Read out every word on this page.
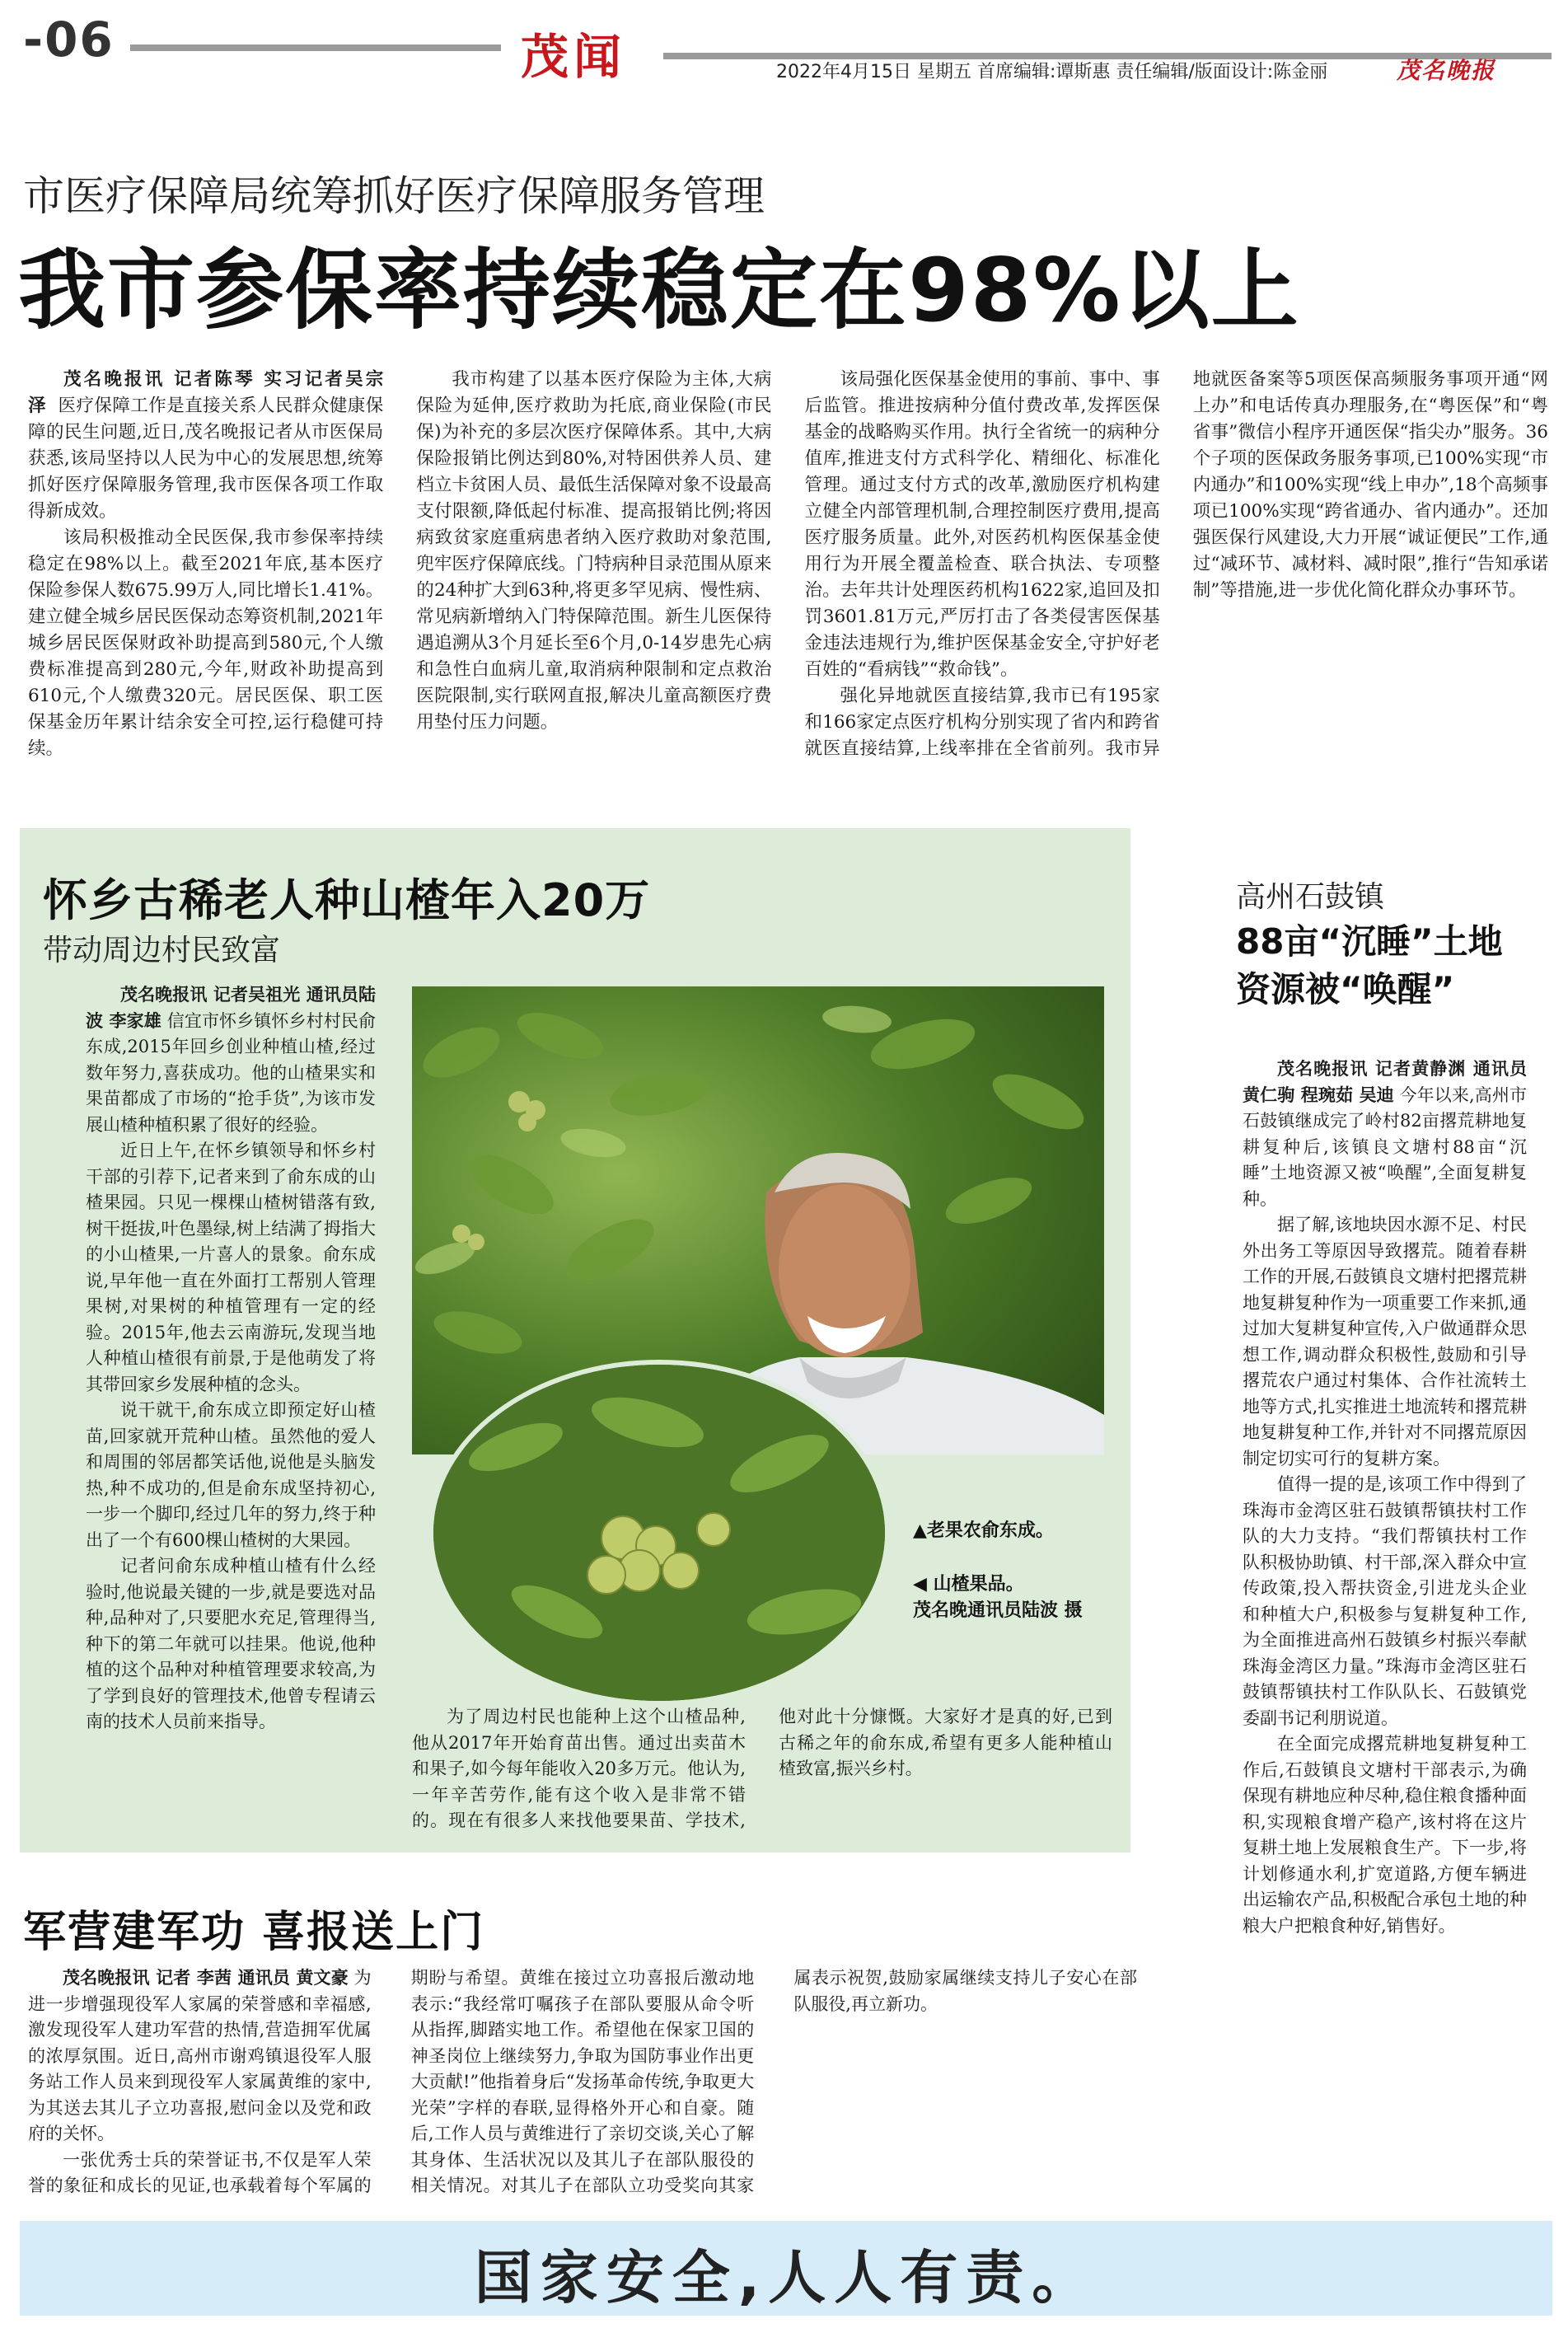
-06	茂闻	2022年4月15日 星期五 首席编辑:谭斯惠 责任编辑/版面设计:陈金丽	茂名晚报
市医疗保障局统筹抓好医疗保障服务管理
我市参保率持续稳定在98%以上
茂名晚报讯 记者陈琴 实习记者吴宗泽 医疗保障工作是直接关系人民群众健康保障的民生问题,近日,茂名晚报记者从市医保局获悉,该局坚持以人民为中心的发展思想,统筹抓好医疗保障服务管理,我市医保各项工作取得新成效。

该局积极推动全民医保,我市参保率持续稳定在98%以上。截至2021年底,基本医疗保险参保人数675.99万人,同比增长1.41%。建立健全城乡居民医保动态筹资机制,2021年城乡居民医保财政补助提高到580元,个人缴费标准提高到280元,今年,财政补助提高到610元,个人缴费320元。居民医保、职工医保基金历年累计结余安全可控,运行稳健可持续。

我市构建了以基本医疗保险为主体,大病保险为延伸,医疗救助为托底,商业保险(市民保)为补充的多层次医疗保障体系。其中,大病保险报销比例达到80%,对特困供养人员、建档立卡贫困人员、最低生活保障对象不设最高支付限额,降低起付标准、提高报销比例;将因病致贫家庭重病患者纳入医疗救助对象范围,兜牢医疗保障底线。门特病种目录范围从原来的24种扩大到63种,将更多罕见病、慢性病、常见病新增纳入门特保障范围。新生儿医保待遇追溯从3个月延长至6个月,0-14岁患先心病和急性白血病儿童,取消病种限制和定点救治医院限制,实行联网直报,解决儿童高额医疗费用垫付压力问题。

该局强化医保基金使用的事前、事中、事后监管。推进按病种分值付费改革,发挥医保基金的战略购买作用。执行全省统一的病种分值库,推进支付方式科学化、精细化、标准化管理。通过支付方式的改革,激励医疗机构建立健全内部管理机制,合理控制医疗费用,提高医疗服务质量。此外,对医药机构医保基金使用行为开展全覆盖检查、联合执法、专项整治。去年共计处理医药机构1622家,追回及扣罚3601.81万元,严厉打击了各类侵害医保基金违法违规行为,维护医保基金安全,守护好老百姓的“看病钱”“救命钱”。

强化异地就医直接结算,我市已有195家和166家定点医疗机构分别实现了省内和跨省就医直接结算,上线率排在全省前列。我市异地就医备案等5项医保高频服务事项开通“网上办”和电话传真办理服务,在“粤医保”和“粤省事”微信小程序开通医保“指尖办”服务。36个子项的医保政务服务事项,已100%实现“市内通办”和100%实现“线上申办”,18个高频事项已100%实现“跨省通办、省内通办”。还加强医保行风建设,大力开展“诚证便民”工作,通过“减环节、减材料、减时限”,推行“告知承诺制”等措施,进一步优化简化群众办事环节。

怀乡古稀老人种山楂年入20万
带动周边村民致富
茂名晚报讯 记者吴祖光 通讯员陆波 李家雄 信宜市怀乡镇怀乡村村民俞东成,2015年回乡创业种植山楂,经过数年努力,喜获成功。他的山楂果实和果苗都成了市场的“抢手货”,为该市发展山楂种植积累了很好的经验。

近日上午,在怀乡镇领导和怀乡村干部的引荐下,记者来到了俞东成的山楂果园。只见一棵棵山楂树错落有致,树干挺拔,叶色墨绿,树上结满了拇指大的小山楂果,一片喜人的景象。俞东成说,早年他一直在外面打工帮别人管理果树,对果树的种植管理有一定的经验。2015年,他去云南游玩,发现当地人种植山楂很有前景,于是他萌发了将其带回家乡发展种植的念头。

说干就干,俞东成立即预定好山楂苗,回家就开荒种山楂。虽然他的爱人和周围的邻居都笑话他,说他是头脑发热,种不成功的,但是俞东成坚持初心,一步一个脚印,经过几年的努力,终于种出了一个有600棵山楂树的大果园。

记者问俞东成种植山楂有什么经验时,他说最关键的一步,就是要选对品种,品种对了,只要肥水充足,管理得当,种下的第二年就可以挂果。他说,他种植的这个品种对种植管理要求较高,为了学到良好的管理技术,他曾专程请云南的技术人员前来指导。

▲老果农俞东成。
◀ 山楂果品。
茂名晚通讯员陆波 摄

为了周边村民也能种上这个山楂品种,他从2017年开始育苗出售。通过出卖苗木和果子,如今每年能收入20多万元。他认为,一年辛苦劳作,能有这个收入是非常不错的。现在有很多人来找他要果苗、学技术,他对此十分慷慨。大家好才是真的好,已到古稀之年的俞东成,希望有更多人能种植山楂致富,振兴乡村。

高州石鼓镇
88亩“沉睡”土地
资源被“唤醒”
茂名晚报讯 记者黄静渊 通讯员黄仁驹 程琬茹 吴迪 今年以来,高州市石鼓镇继成完了岭村82亩撂荒耕地复耕复种后,该镇良文塘村88亩“沉睡”土地资源又被“唤醒”,全面复耕复种。

据了解,该地块因水源不足、村民外出务工等原因导致撂荒。随着春耕工作的开展,石鼓镇良文塘村把撂荒耕地复耕复种作为一项重要工作来抓,通过加大复耕复种宣传,入户做通群众思想工作,调动群众积极性,鼓励和引导撂荒农户通过村集体、合作社流转土地等方式,扎实推进土地流转和撂荒耕地复耕复种工作,并针对不同撂荒原因制定切实可行的复耕方案。

值得一提的是,该项工作中得到了珠海市金湾区驻石鼓镇帮镇扶村工作队的大力支持。“我们帮镇扶村工作队积极协助镇、村干部,深入群众中宣传政策,投入帮扶资金,引进龙头企业和种植大户,积极参与复耕复种工作,为全面推进高州石鼓镇乡村振兴奉献珠海金湾区力量。”珠海市金湾区驻石鼓镇帮镇扶村工作队队长、石鼓镇党委副书记利朋说道。

在全面完成撂荒耕地复耕复种工作后,石鼓镇良文塘村干部表示,为确保现有耕地应种尽种,稳住粮食播种面积,实现粮食增产稳产,该村将在这片复耕土地上发展粮食生产。下一步,将计划修通水利,扩宽道路,方便车辆进出运输农产品,积极配合承包土地的种粮大户把粮食种好,销售好。

军营建军功 喜报送上门
茂名晚报讯 记者 李茜 通讯员 黄文豪 为进一步增强现役军人家属的荣誉感和幸福感,激发现役军人建功军营的热情,营造拥军优属的浓厚氛围。近日,高州市谢鸡镇退役军人服务站工作人员来到现役军人家属黄维的家中,为其送去其儿子立功喜报,慰问金以及党和政府的关怀。

一张优秀士兵的荣誉证书,不仅是军人荣誉的象征和成长的见证,也承载着每个军属的期盼与希望。黄维在接过立功喜报后激动地表示:“我经常叮嘱孩子在部队要服从命令听从指挥,脚踏实地工作。希望他在保家卫国的神圣岗位上继续努力,争取为国防事业作出更大贡献!”他指着身后“发扬革命传统,争取更大光荣”字样的春联,显得格外开心和自豪。随后,工作人员与黄维进行了亲切交谈,关心了解其身体、生活状况以及其儿子在部队服役的相关情况。对其儿子在部队立功受奖向其家属表示祝贺,鼓励家属继续支持儿子安心在部队服役,再立新功。

国家安全,人人有责。
